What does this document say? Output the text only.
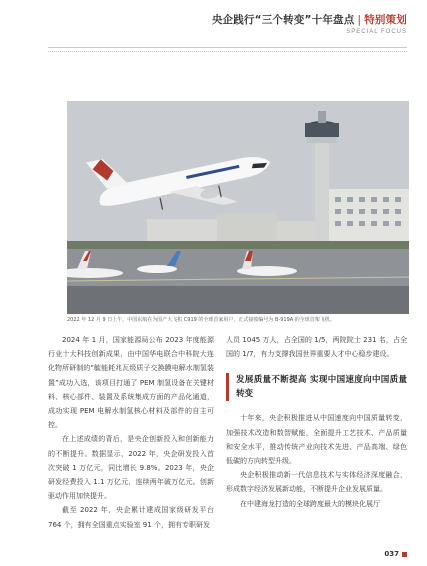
央企践行“三个转变”十年盘点 | 特别策划
SPECIAL FOCUS
2022 年 12 月 9 日上午，中国东航在为国产大飞机 C919 的全球首家用户，正式接收编号为 B-919A 的全球首架飞机。

2024 年 1 月，国家能源局公布 2023 年度能源行业十大科技创新成果，由中国华电联合中科院大连化物所研制的“毓能耗兆瓦级质子交换膜电解水制氢装置”成功入选，该项目打通了 PEM 制氢设备在关键材料、核心部件、装置及系统集成方面的产品化通道，成功实现 PEM 电解水制氢核心材料及部件的自主可控。

在上述成绩的背后，是央企创新投入和创新能力的不断提升。数据显示，2022 年，央企研发投入首次突破 1 万亿元，同比增长 9.8%。2023 年，央企研发经费投入 1.1 万亿元，连续两年破万亿元。创新驱动作用加快提升。

截至 2022 年，央企累计建成国家级研发平台 764 个，拥有全国重点实验室 91 个，拥有专职研发

人员 1045 万人，占全国的 1/5，两院院士 231 名，占全国的 1/7，有力支撑我国世界重要人才中心稳步建设。

发展质量不断提高 实现中国速度向中国质量转变

十年来，央企积极推进从中国速度向中国质量转变，加强技术改造和数智赋能，全面提升工艺技术、产品质量和安全水平，推动传统产业向技术先进、产品高端、绿色低碳的方向转型升级。

央企积极推动新一代信息技术与实体经济深度融合，形成数字经济发展新动能，不断提升企业发展质量。

在中建海龙打造的全球跨度最大的模块化展厅

037
